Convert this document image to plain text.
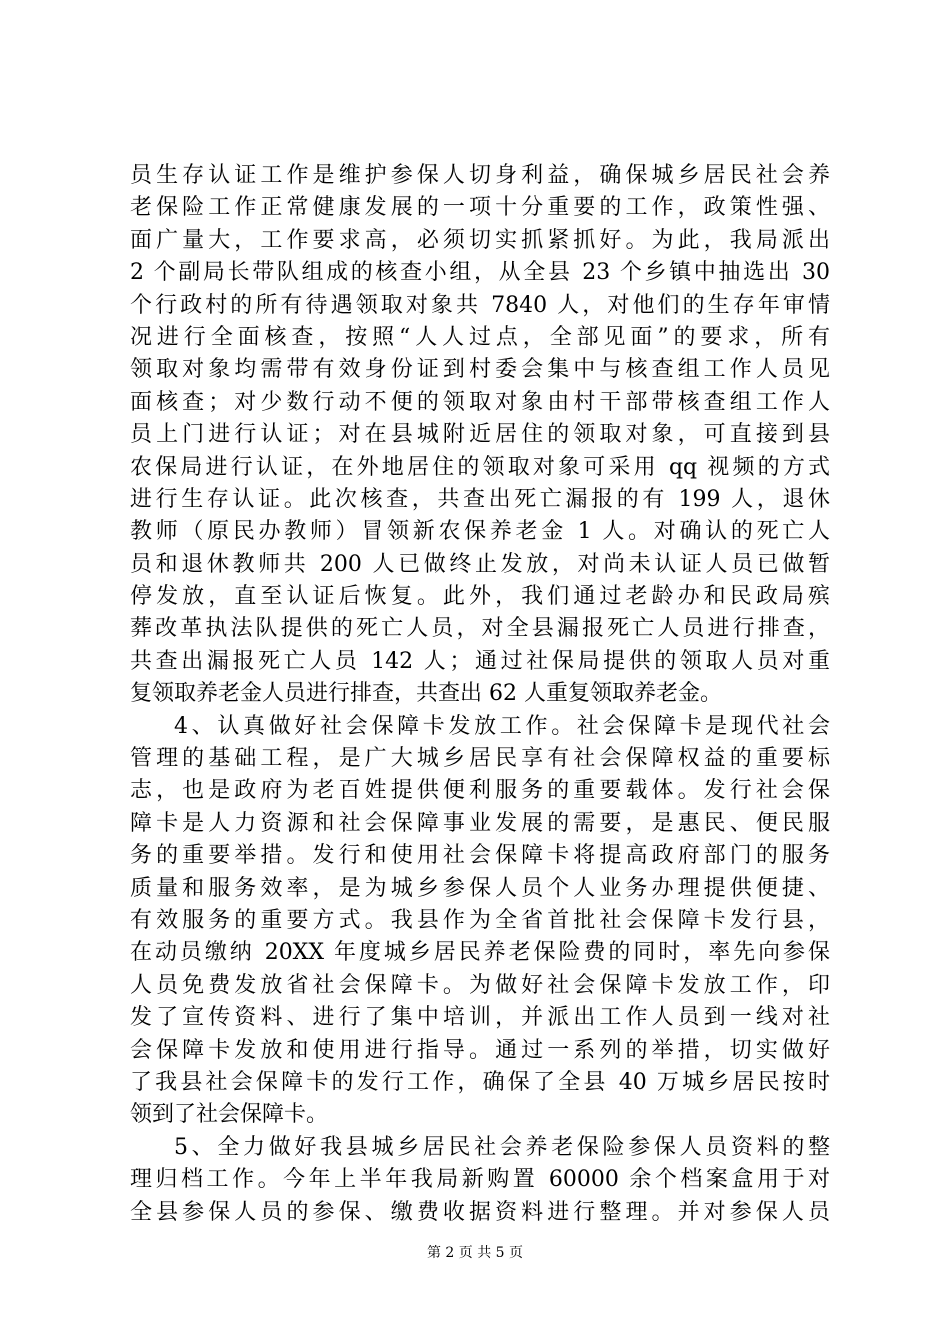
员生存认证工作是维护参保人切身利益，确保城乡居民社会养
老保险工作正常健康发展的一项十分重要的工作，政策性强、
面广量大，工作要求高，必须切实抓紧抓好。为此，我局派出
2 个副局长带队组成的核查小组，从全县 23 个乡镇中抽选出 30
个行政村的所有待遇领取对象共 7840 人，对他们的生存年审情
况进行全面核查，按照“人人过点，全部见面”的要求，所有
领取对象均需带有效身份证到村委会集中与核查组工作人员见
面核查；对少数行动不便的领取对象由村干部带核查组工作人
员上门进行认证；对在县城附近居住的领取对象，可直接到县
农保局进行认证，在外地居住的领取对象可采用 qq 视频的方式
进行生存认证。此次核查，共查出死亡漏报的有 199 人，退休
教师（原民办教师）冒领新农保养老金 1 人。对确认的死亡人
员和退休教师共 200 人已做终止发放，对尚未认证人员已做暂
停发放，直至认证后恢复。此外，我们通过老龄办和民政局殡
葬改革执法队提供的死亡人员，对全县漏报死亡人员进行排查，
共查出漏报死亡人员 142 人；通过社保局提供的领取人员对重
复领取养老金人员进行排查，共查出 62 人重复领取养老金。
4、认真做好社会保障卡发放工作。社会保障卡是现代社会
管理的基础工程，是广大城乡居民享有社会保障权益的重要标
志，也是政府为老百姓提供便利服务的重要载体。发行社会保
障卡是人力资源和社会保障事业发展的需要，是惠民、便民服
务的重要举措。发行和使用社会保障卡将提高政府部门的服务
质量和服务效率，是为城乡参保人员个人业务办理提供便捷、
有效服务的重要方式。我县作为全省首批社会保障卡发行县，
在动员缴纳 20XX 年度城乡居民养老保险费的同时，率先向参保
人员免费发放省社会保障卡。为做好社会保障卡发放工作，印
发了宣传资料、进行了集中培训，并派出工作人员到一线对社
会保障卡发放和使用进行指导。通过一系列的举措，切实做好
了我县社会保障卡的发行工作，确保了全县 40 万城乡居民按时
领到了社会保障卡。
5、全力做好我县城乡居民社会养老保险参保人员资料的整
理归档工作。今年上半年我局新购置 60000 余个档案盒用于对
全县参保人员的参保、缴费收据资料进行整理。并对参保人员
第 2 页 共 5 页
